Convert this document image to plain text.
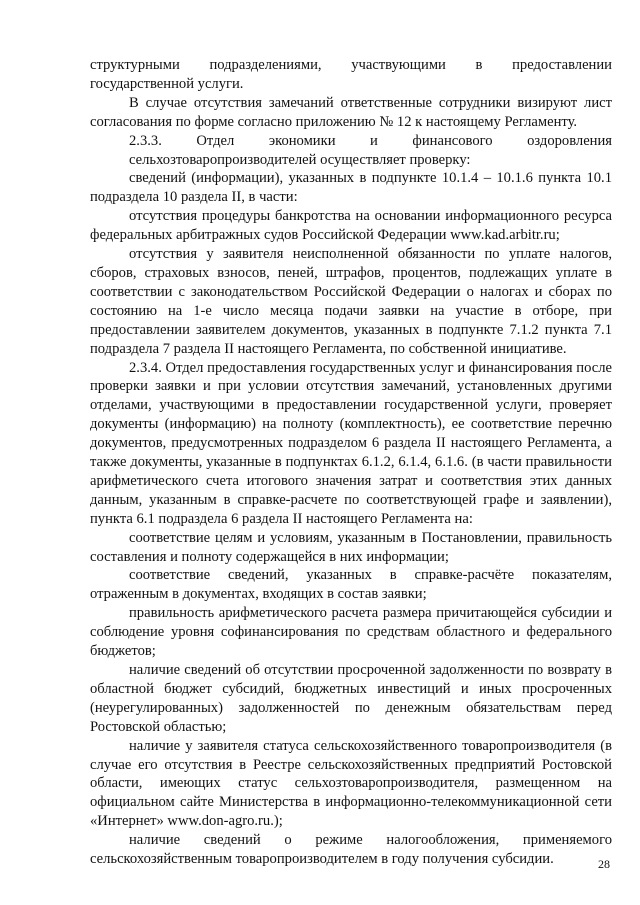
структурными подразделениями, участвующими в предоставлении государственной услуги.

В случае отсутствия замечаний ответственные сотрудники визируют лист согласования по форме согласно приложению № 12 к настоящему Регламенту.

2.3.3. Отдел экономики и финансового оздоровления

сельхозтоваропроизводителей осуществляет проверку:

сведений (информации), указанных в подпункте 10.1.4 – 10.1.6 пункта 10.1 подраздела 10 раздела II, в части:

отсутствия процедуры банкротства на основании информационного ресурса федеральных арбитражных судов Российской Федерации www.kad.arbitr.ru;

отсутствия у заявителя неисполненной обязанности по уплате налогов, сборов, страховых взносов, пеней, штрафов, процентов, подлежащих уплате в соответствии с законодательством Российской Федерации о налогах и сборах по состоянию на 1-е число месяца подачи заявки на участие в отборе, при предоставлении заявителем документов, указанных в подпункте 7.1.2 пункта 7.1 подраздела 7 раздела II настоящего Регламента, по собственной инициативе.

2.3.4. Отдел предоставления государственных услуг и финансирования после проверки заявки и при условии отсутствия замечаний, установленных другими отделами, участвующими в предоставлении государственной услуги, проверяет документы (информацию) на полноту (комплектность), ее соответствие перечню документов, предусмотренных подразделом 6 раздела II настоящего Регламента, а также документы, указанные в подпунктах 6.1.2, 6.1.4, 6.1.6. (в части правильности арифметического счета итогового значения затрат и соответствия этих данных данным, указанным в справке-расчете по соответствующей графе и заявлении), пункта 6.1 подраздела 6 раздела II настоящего Регламента на:

соответствие целям и условиям, указанным в Постановлении, правильность составления и полноту содержащейся в них информации;

соответствие сведений, указанных в справке-расчёте показателям, отраженным в документах, входящих в состав заявки;

правильность арифметического расчета размера причитающейся субсидии и соблюдение уровня софинансирования по средствам областного и федерального бюджетов;

наличие сведений об отсутствии просроченной задолженности по возврату в областной бюджет субсидий, бюджетных инвестиций и иных просроченных (неурегулированных) задолженностей по денежным обязательствам перед Ростовской областью;

наличие у заявителя статуса сельскохозяйственного товаропроизводителя (в случае его отсутствия в Реестре сельскохозяйственных предприятий Ростовской области, имеющих статус сельхозтоваропроизводителя, размещенном на официальном сайте Министерства в информационно-телекоммуникационной сети «Интернет» www.don-agro.ru.);

наличие сведений о режиме налогообложения, применяемого сельскохозяйственным товаропроизводителем в году получения субсидии.	28
